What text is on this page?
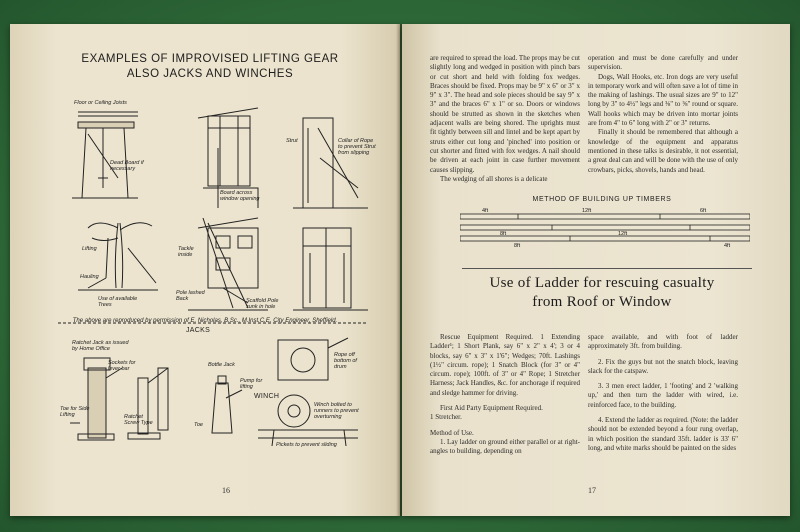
EXAMPLES OF IMPROVISED LIFTING GEAR
ALSO JACKS AND WINCHES
Floor or Ceiling Joists
Dead Board if necessary
Board across window opening
Strut	Collar of Rope to prevent Strut from slipping
Lifting
Hauling
Tackle inside
Use of available Trees
Pole lashed Back	Scaffold Pole sunk in hole
JACKS
Ratchet Jack as issued by Home Office
Sockets for lever bar
Toe for Side Lifting	Ratchet Screw Type
Bottle Jack
Pump for lifting
Toe
WINCH
Rope off bottom of drum
Winch bolted to runners to prevent overturning
Pickets to prevent sliding
The above are reproduced by permission of E. Nicholas, B.Sc., M.Inst.C.E. City Engineer, Sheffield.
16

are required to spread the load. The props may be cut slightly long and wedged in position with pinch bars or cut short and held with folding fox wedges. Braces should be fixed. Props may be 9" x 6" or 3" x 9" x 3". The head and sole pieces should be say 9" x 3" and the braces 6" x 1" or so. Doors or windows should be strutted as shown in the sketches when adjacent walls are being shored. The uprights must fit tightly between sill and lintel and be kept apart by struts either cut long and 'pinched' into position or cut shorter and fitted with fox wedges. A nail should be driven at each joint in case further movement causes slipping.

The wedging of all shores is a delicate

operation and must be done carefully and under supervision.

Dogs, Wall Hooks, etc. Iron dogs are very useful in temporary work and will often save a lot of time in the making of lashings. The usual sizes are 9" to 12" long by 3" to 4½" legs and ⅜" to ⅝" round or square. Wall hooks which may be driven into mortar joints are from 4" to 6" long with 2" or 3" returns.

Finally it should be remembered that although a knowledge of the equipment and apparatus mentioned in these talks is desirable, it not essential, a great deal can and will be done with the use of only crowbars, picks, shovels, hands and head.

METHOD OF BUILDING UP TIMBERS
4ft	12ft	6ft
8ft	12ft
8ft	4ft
Use of Ladder for rescuing casualty
from Roof or Window

Rescue Equipment Required. 1 Extending Ladder¹; 1 Short Plank, say 6" x 2" x 4'; 3 or 4 blocks, say 6" x 3" x 1'6"; Wedges; 70ft. Lashings (1½" circum. rope); 1 Snatch Block (for 3" or 4" circum. rope); 100ft. of 3" or 4" Rope; 1 Stretcher Harness; Jack Handles, &c. for anchorage if required and sledge hammer for driving.

First Aid Party Equipment Required.

1 Stretcher.

Method of Use.

1. Lay ladder on ground either parallel or at right-angles to building, depending on

space available, and with foot of ladder approximately 3ft. from building.

2. Fix the guys but not the snatch block, leaving slack for the catspaw.

3. 3 men erect ladder, 1 'footing' and 2 'walking up,' and then turn the ladder with wired, i.e. reinforced face, to the building.

4. Extend the ladder as required. (Note: the ladder should not be extended beyond a four rung overlap, in which position the standard 35ft. ladder is 33' 6" long, and white marks should be painted on the sides

17
